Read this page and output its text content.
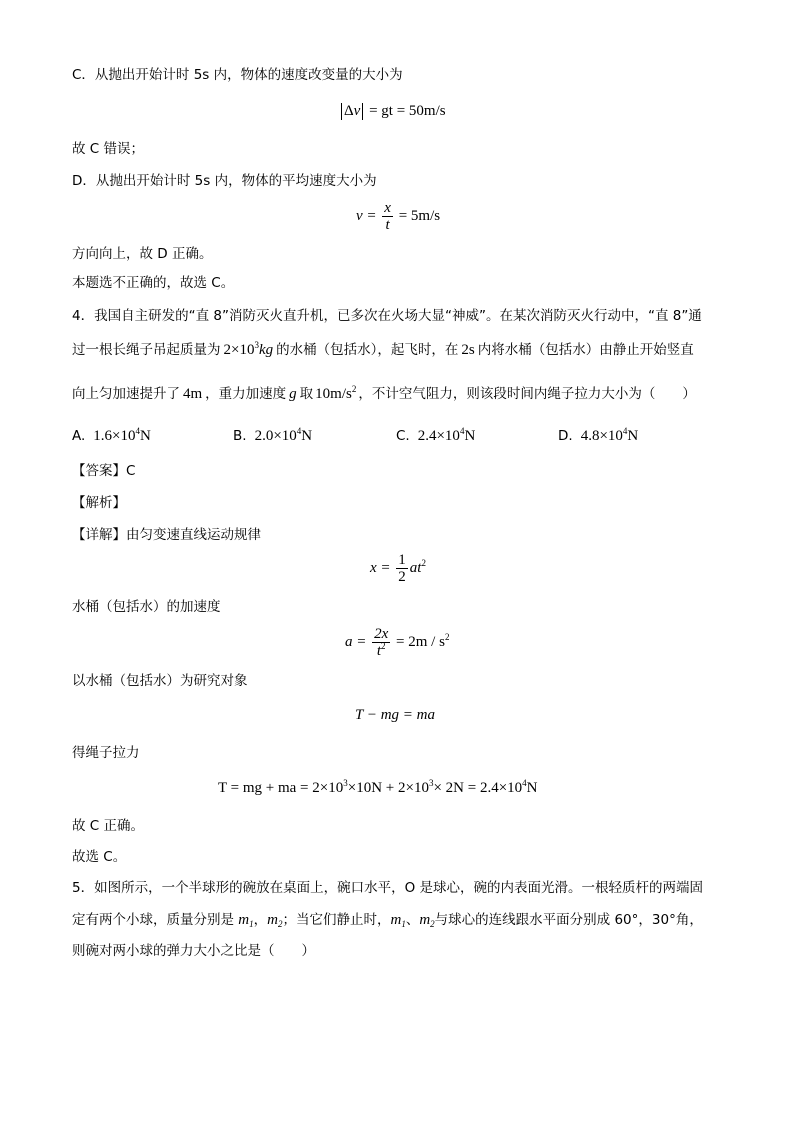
C．从抛出开始计时 5s 内，物体的速度改变量的大小为
Δv = gt = 50m/s
故 C 错误；
D．从抛出开始计时 5s 内，物体的平均速度大小为
$v = \frac{x}{t} = 5m/s$
方向向上，故 D 正确。
本题选不正确的，故选 C。
4．我国自主研发的“直 8”消防灭火直升机，已多次在火场大显“神威”。在某次消防灭火行动中，“直 8”通
过一根长绳子吊起质量为 $2\times 10^3kg$ 的水桶（包括水），起飞时，在 2s 内将水桶（包括水）由静止开始竖直
向上匀加速提升了 4m ，重力加速度 g 取 $10m/s^2$ ，不计空气阻力，则该段时间内绳子拉力大小为（　　）
A. $1.6\times 10^4N$	B. $2.0\times 10^4N$	C. $2.4\times 10^4N$	D. $4.8\times 10^4N$
【答案】C
【解析】
【详解】由匀变速直线运动规律
$x = \frac{1}{2} at^2$
水桶（包括水）的加速度
$a = \frac{2x}{t^2} = 2m / s^2$
以水桶（包括水）为研究对象
T − mg = ma
得绳子拉力
T = mg + ma = $2\times 10^3\times 10N + 2\times 10^3\times 2N = 2.4\times 10^4N$
故 C 正确。
故选 C。
5．如图所示，一个半球形的碗放在桌面上，碗口水平，O 是球心，碗的内表面光滑。一根轻质杆的两端固
定有两个小球，质量分别是 $m_1$，$m_2$；当它们静止时，$m_1$、$m_2$与球心的连线跟水平面分别成 60°，30°角，
则碗对两小球的弹力大小之比是（　　）
